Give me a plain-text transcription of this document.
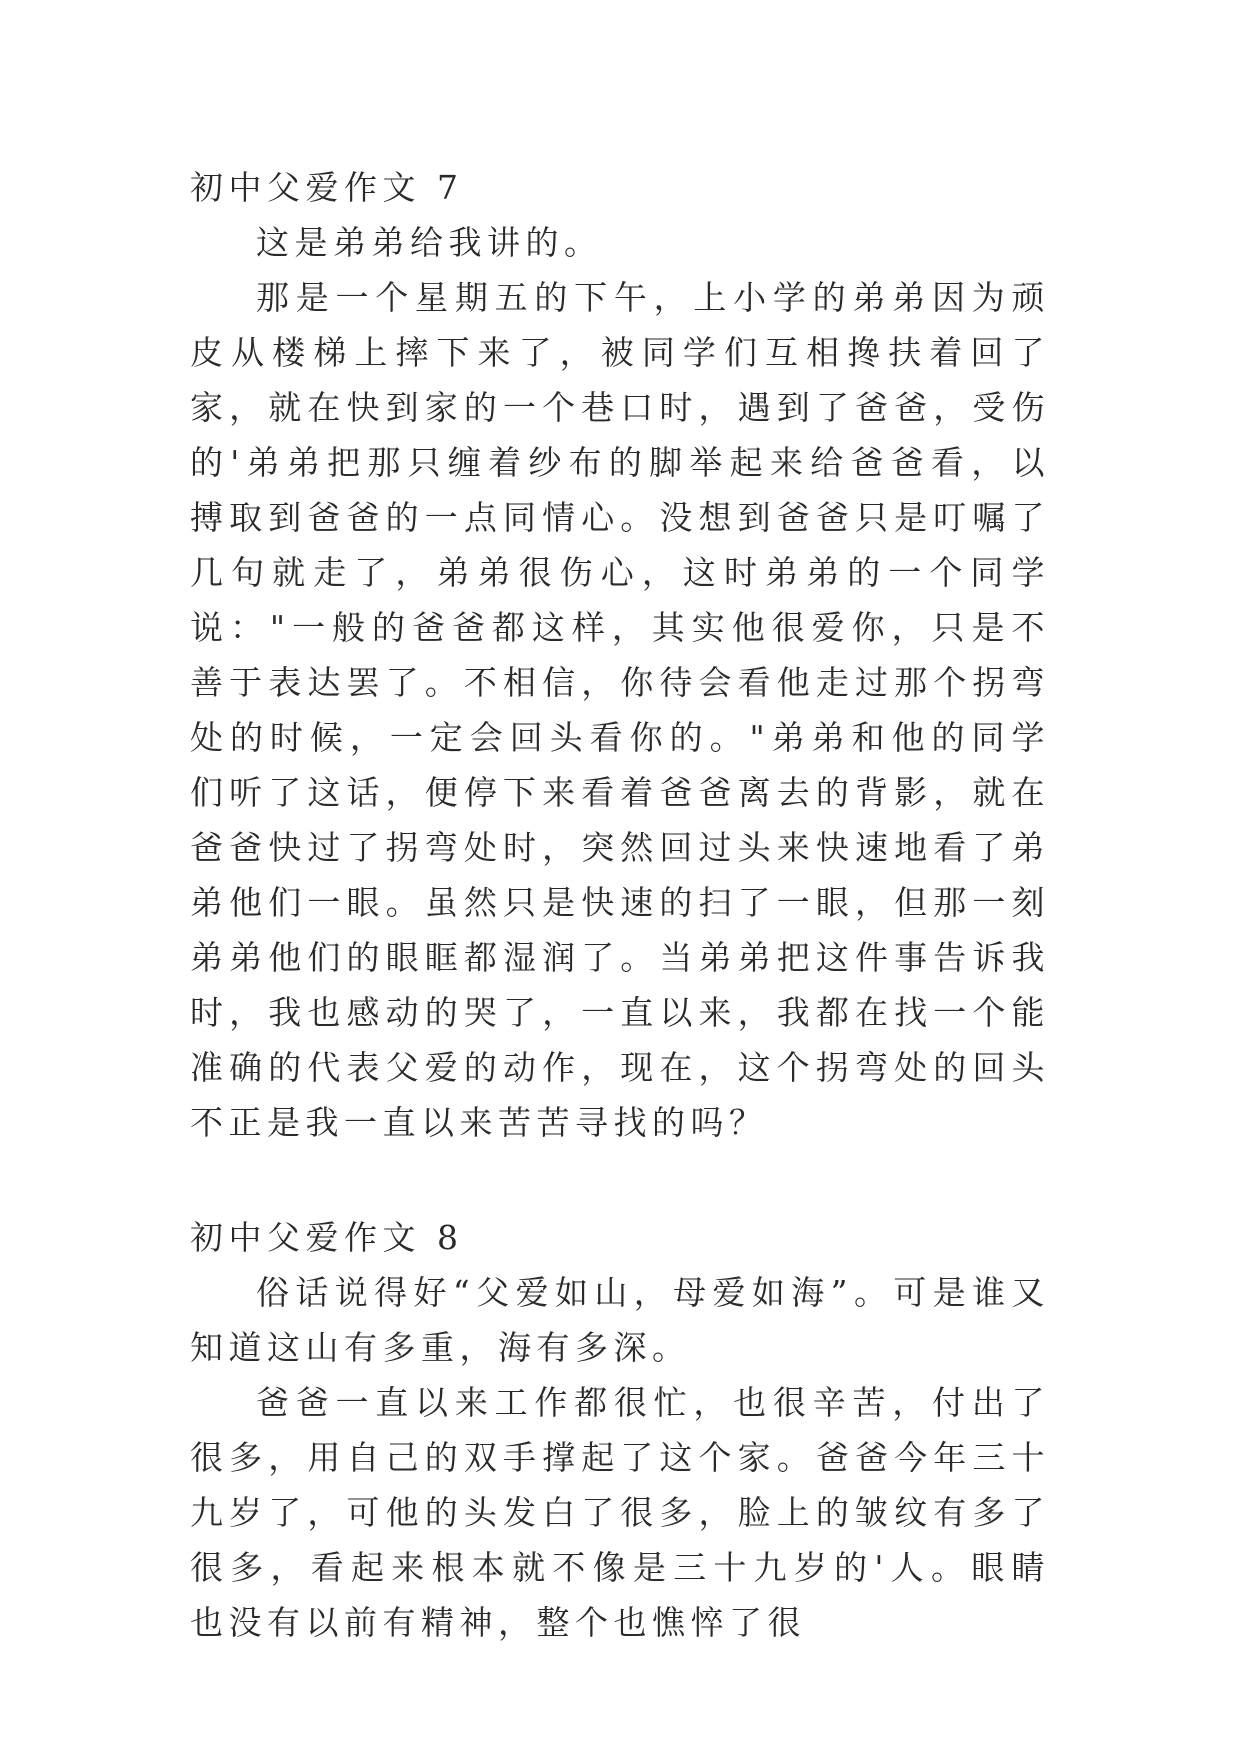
初中父爱作文 7

这是弟弟给我讲的。

那是一个星期五的下午，上小学的弟弟因为顽皮从楼梯上摔下来了，被同学们互相搀扶着回了家，就在快到家的一个巷口时，遇到了爸爸，受伤的'弟弟把那只缠着纱布的脚举起来给爸爸看，以搏取到爸爸的一点同情心。没想到爸爸只是叮嘱了几句就走了，弟弟很伤心，这时弟弟的一个同学说："一般的爸爸都这样，其实他很爱你，只是不善于表达罢了。不相信，你待会看他走过那个拐弯处的时候，一定会回头看你的。"弟弟和他的同学们听了这话，便停下来看着爸爸离去的背影，就在爸爸快过了拐弯处时，突然回过头来快速地看了弟弟他们一眼。虽然只是快速的扫了一眼，但那一刻弟弟他们的眼眶都湿润了。当弟弟把这件事告诉我时，我也感动的哭了，一直以来，我都在找一个能准确的代表父爱的动作，现在，这个拐弯处的回头不正是我一直以来苦苦寻找的吗？

初中父爱作文 8

俗话说得好“父爱如山，母爱如海”。可是谁又知道这山有多重，海有多深。

爸爸一直以来工作都很忙，也很辛苦，付出了很多，用自己的双手撑起了这个家。爸爸今年三十九岁了，可他的头发白了很多，脸上的皱纹有多了很多，看起来根本就不像是三十九岁的'人。眼睛也没有以前有精神，整个也憔悴了很
